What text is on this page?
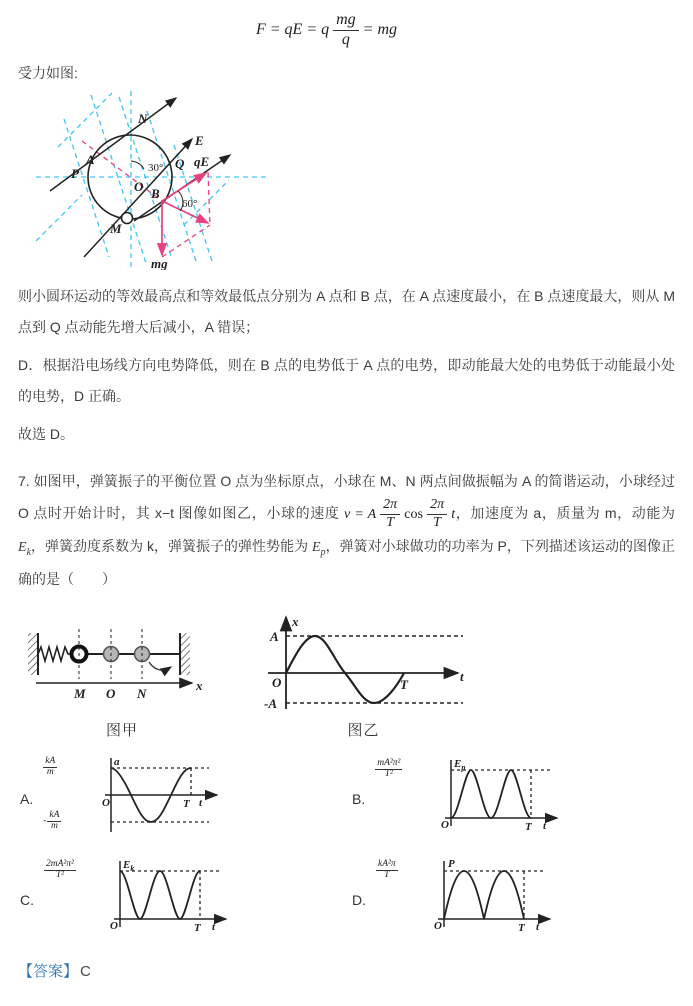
F = qE = q $\frac{mg}{q}$ = mg

受力如图:

N
E
P
A	Q
O B
M
qE
mg
30°
60°

则小圆环运动的等效最高点和等效最低点分别为 A 点和 B 点，在 A 点速度最小，在 B 点速度最大，则从 M 点到 Q 点动能先增大后减小，A 错误；

D．根据沿电场线方向电势降低，则在 B 点的电势低于 A 点的电势，即动能最大处的电势低于动能最小处的电势，D 正确。

故选 D。

7. 如图甲，弹簧振子的平衡位置 O 点为坐标原点，小球在 M、N 两点间做振幅为 A 的简谐运动，小球经过 O 点时开始计时，其 x−t 图像如图乙，小球的速度 v = A $\frac{2\pi}{T}$ $\cos \frac{2\pi}{T}$ t，加速度为 a，质量为 m，动能为 $E_k$，弹簧劲度系数为 k，弹簧振子的弹性势能为 $E_p$，弹簧对小球做功的功率为 P，下列描述该运动的图像正确的是（　　）
M O N
x
图甲
x
A
-A
O	T
t
图乙
A.
$\frac{kA}{m}$
- $\frac{kA}{m}$
a
O	T t	B.
$\frac{\text{mA²π²}}{\text{T²}}$	$E_p$
O	T t
C.
$\frac{\text{2mA²π²}}{\text{T²}}$	$E_k$
O	T t
D.
$\frac{\text{kA²π}}{T}$	P
O	T t

【答案】 C
